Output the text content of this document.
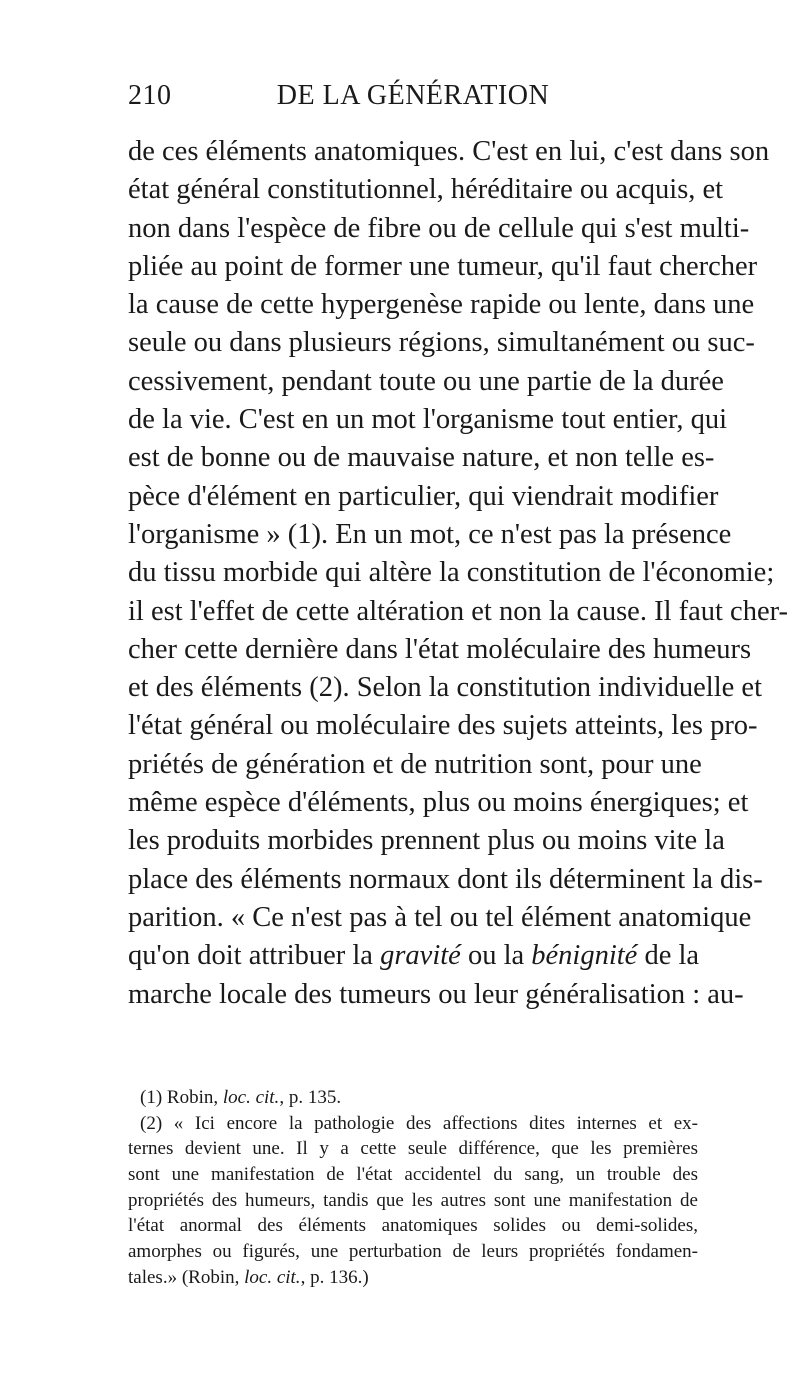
210	DE LA GÉNÉRATION
de ces éléments anatomiques. C'est en lui, c'est dans son
état général constitutionnel, héréditaire ou acquis, et
non dans l'espèce de fibre ou de cellule qui s'est multi-
pliée au point de former une tumeur, qu'il faut chercher
la cause de cette hypergenèse rapide ou lente, dans une
seule ou dans plusieurs régions, simultanément ou suc-
cessivement, pendant toute ou une partie de la durée
de la vie. C'est en un mot l'organisme tout entier, qui
est de bonne ou de mauvaise nature, et non telle es-
pèce d'élément en particulier, qui viendrait modifier
l'organisme » (1). En un mot, ce n'est pas la présence
du tissu morbide qui altère la constitution de l'économie;
il est l'effet de cette altération et non la cause. Il faut cher-
cher cette dernière dans l'état moléculaire des humeurs
et des éléments (2). Selon la constitution individuelle et
l'état général ou moléculaire des sujets atteints, les pro-
priétés de génération et de nutrition sont, pour une
même espèce d'éléments, plus ou moins énergiques; et
les produits morbides prennent plus ou moins vite la
place des éléments normaux dont ils déterminent la dis-
parition. « Ce n'est pas à tel ou tel élément anatomique
qu'on doit attribuer la gravité ou la bénignité de la
marche locale des tumeurs ou leur généralisation : au-
(1) Robin, loc. cit., p. 135.
(2) « Ici encore la pathologie des affections dites internes et ex-
ternes devient une. Il y a cette seule différence, que les premières
sont une manifestation de l'état accidentel du sang, un trouble des
propriétés des humeurs, tandis que les autres sont une manifestation de
l'état anormal des éléments anatomiques solides ou demi-solides,
amorphes ou figurés, une perturbation de leurs propriétés fondamen-
tales.» (Robin, loc. cit., p. 136.)
